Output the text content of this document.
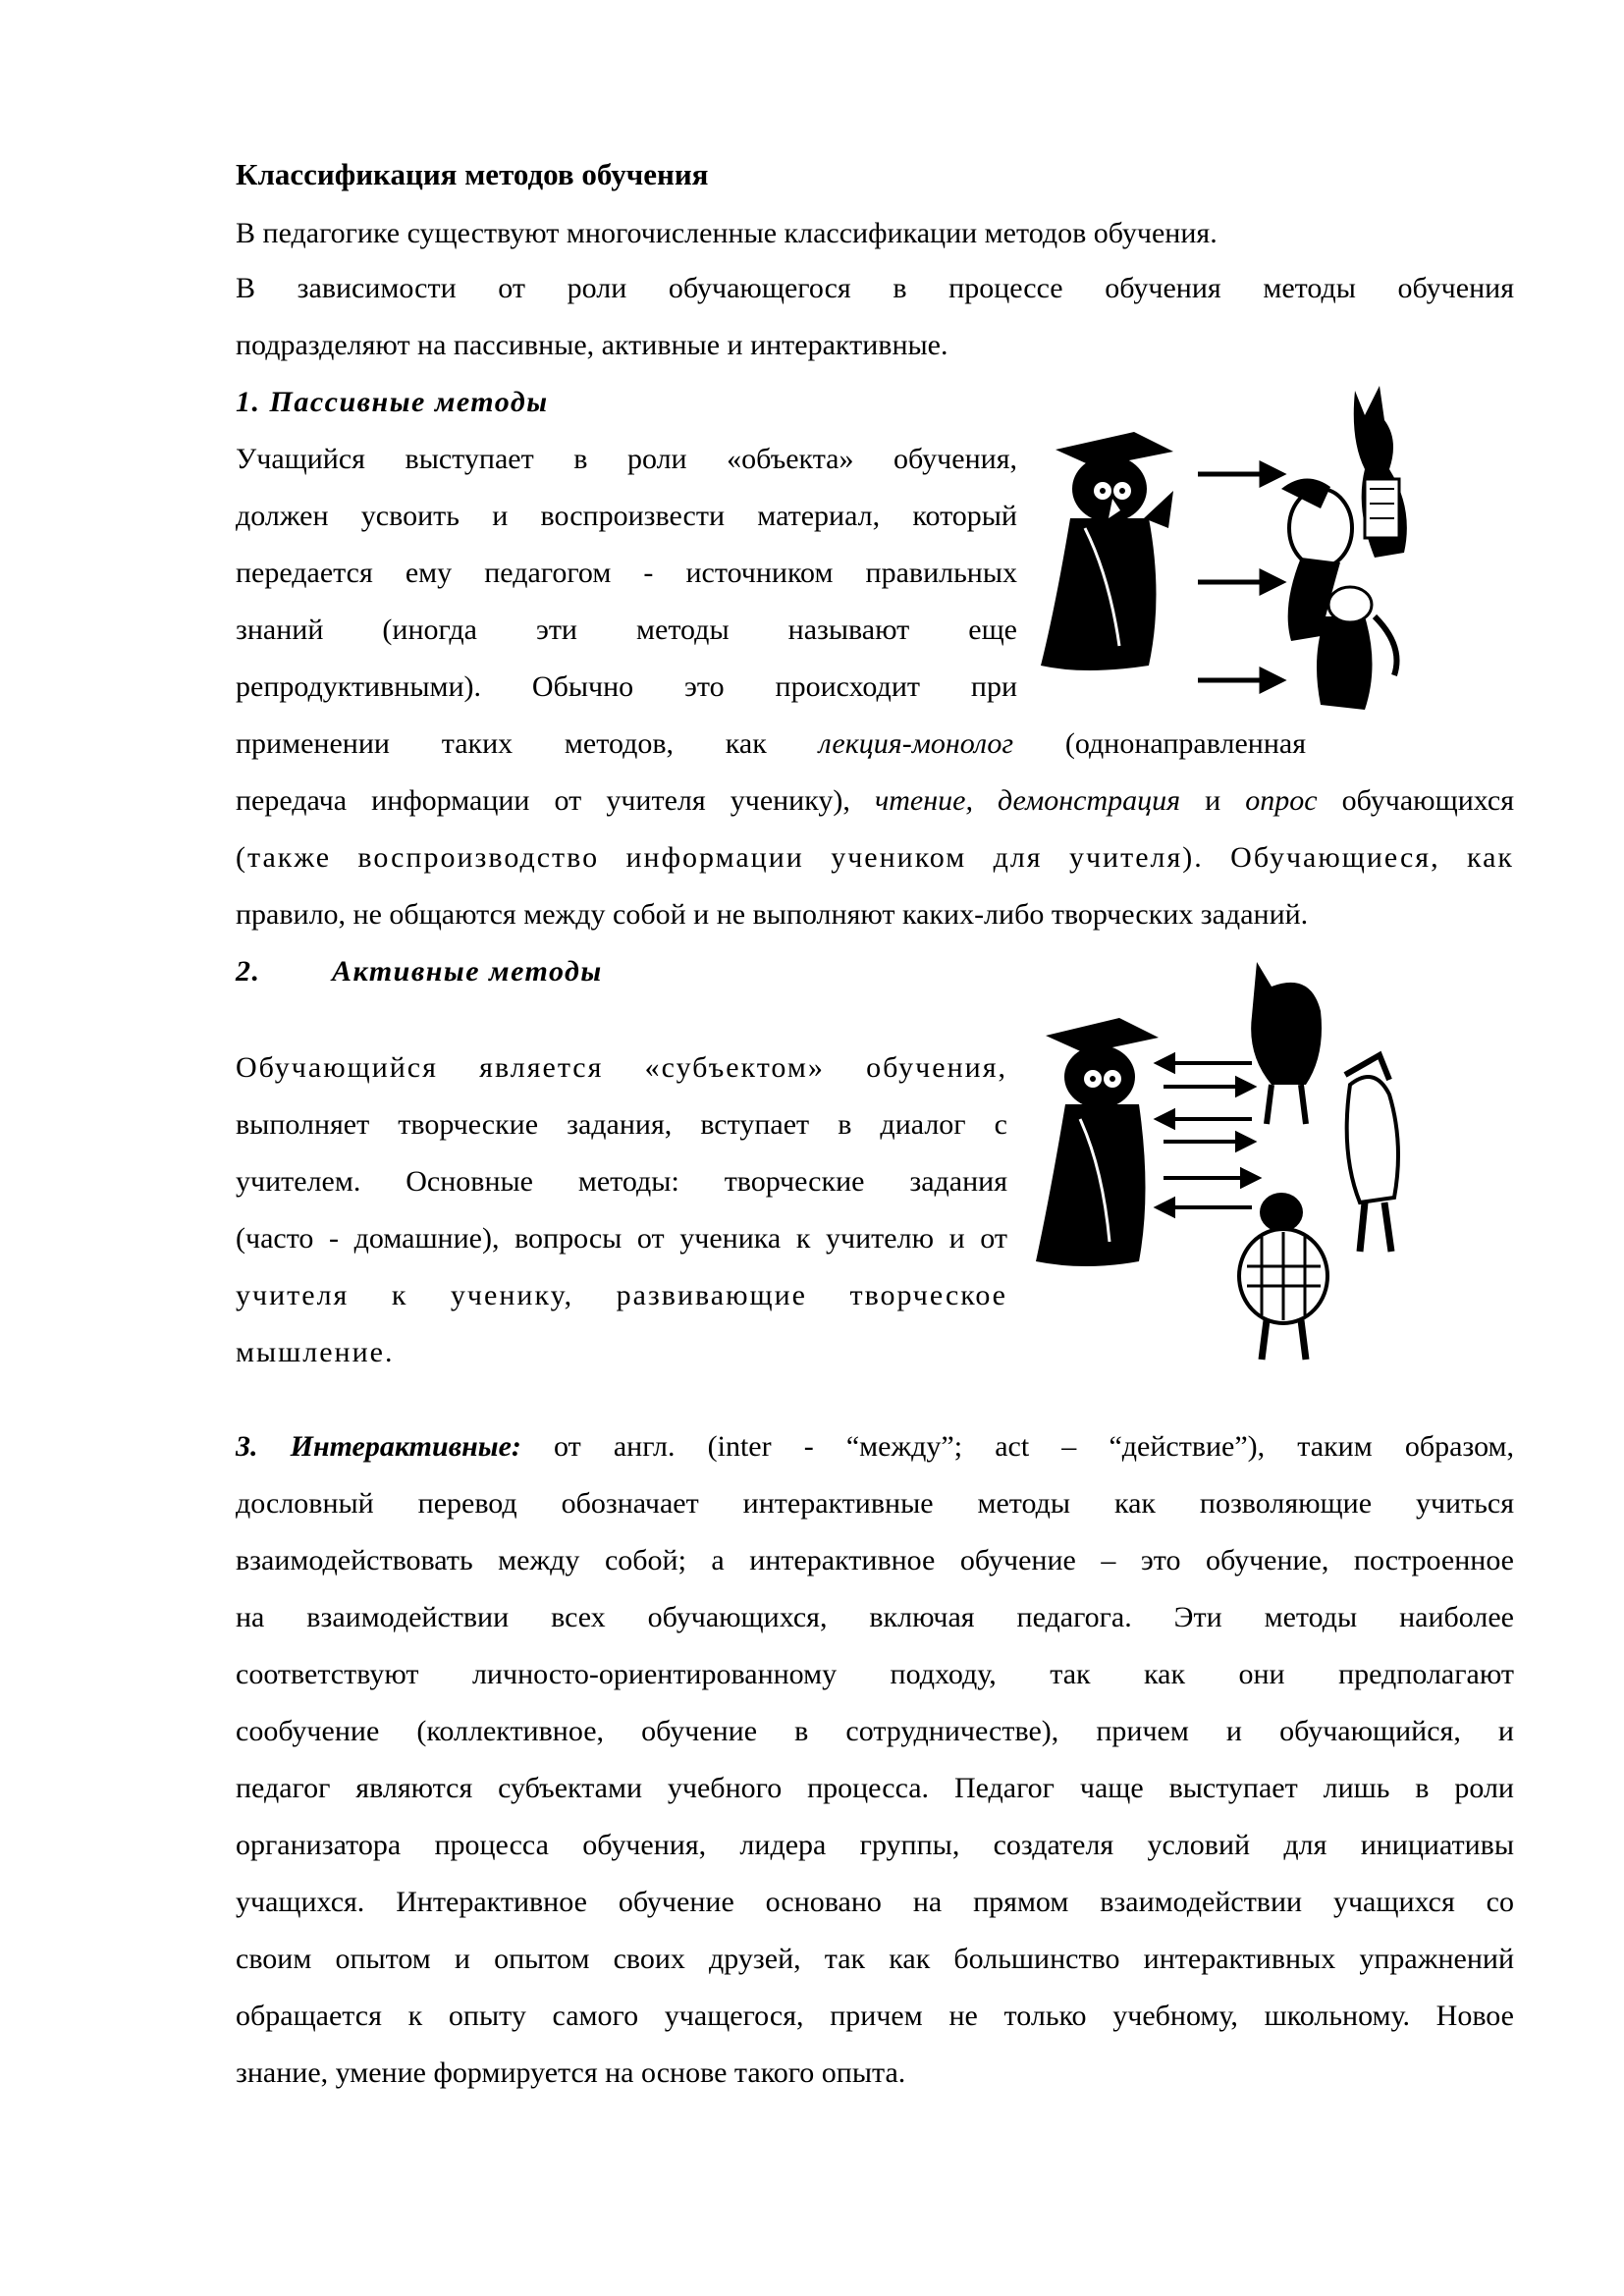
Классификация методов обучения

В педагогике существуют многочисленные классификации методов обучения.

В зависимости от роли обучающегося в процессе обучения методы обучения

подразделяют на пассивные, активные и интерактивные.

1. Пассивные методы

Учащийся выступает в роли «объекта» обучения,

должен усвоить и воспроизвести материал, который

передается ему педагогом - источником правильных

знаний (иногда эти методы называют еще

репродуктивными). Обычно это происходит при

применении таких методов, как лекция-монолог (однонаправленная

передача информации от учителя ученику), чтение, демонстрация и опрос обучающихся

(также воспроизводство информации учеником для учителя). Обучающиеся, как

правило, не общаются между собой и не выполняют каких-либо творческих заданий.

2. Активные методы

Обучающийся является «субъектом» обучения,

выполняет творческие задания, вступает в диалог с

учителем. Основные методы: творческие задания

(часто - домашние), вопросы от ученика к учителю и от

учителя к ученику, развивающие творческое

мышление.

3. Интерактивные: от англ. (inter - “между”; act – “действие”), таким образом,

дословный перевод обозначает интерактивные методы как позволяющие учиться

взаимодействовать между собой; а интерактивное обучение – это обучение, построенное

на взаимодействии всех обучающихся, включая педагога. Эти методы наиболее

соответствуют личносто-ориентированному подходу, так как они предполагают

сообучение (коллективное, обучение в сотрудничестве), причем и обучающийся, и

педагог являются субъектами учебного процесса. Педагог чаще выступает лишь в роли

организатора процесса обучения, лидера группы, создателя условий для инициативы

учащихся. Интерактивное обучение основано на прямом взаимодействии учащихся со

своим опытом и опытом своих друзей, так как большинство интерактивных упражнений

обращается к опыту самого учащегося, причем не только учебному, школьному. Новое

знание, умение формируется на основе такого опыта.
